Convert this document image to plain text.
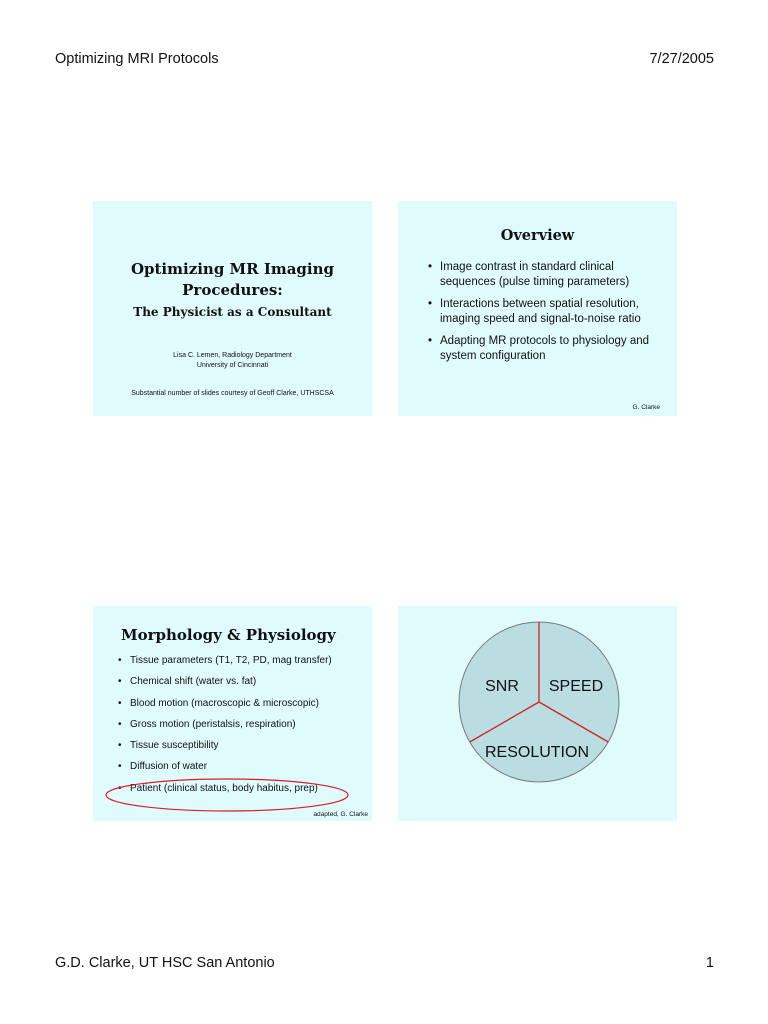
Optimizing MRI Protocols	7/27/2005
Optimizing MR Imaging
Procedures:
The Physicist as a Consultant
Lisa C. Lemen, Radiology Department
University of Cincinnati
Substantial number of slides courtesy of Geoff Clarke, UTHSCSA
Overview
• Image contrast in standard clinical sequences (pulse timing parameters)
• Interactions between spatial resolution, imaging speed and signal-to-noise ratio
• Adapting MR protocols to physiology and system configuration
G. Clarke
Morphology & Physiology
• Tissue parameters (T1, T2, PD, mag transfer)
• Chemical shift (water vs. fat)
• Blood motion (macroscopic & microscopic)
• Gross motion (peristalsis, respiration)
• Tissue susceptibility
• Diffusion of water
• Patient (clinical status, body habitus, prep)
adapted, G. Clarke
SNR SPEED
RESOLUTION
G.D. Clarke, UT HSC San Antonio	1
